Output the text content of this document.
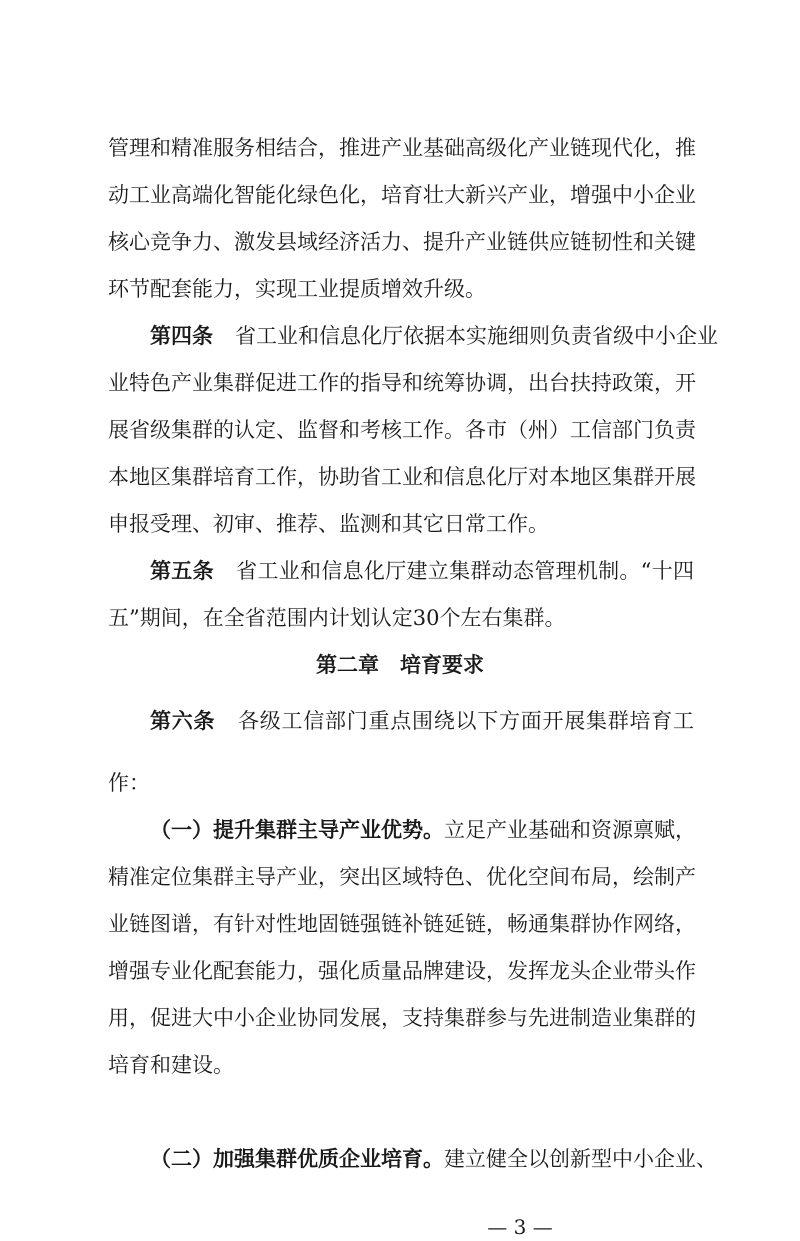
管理和精准服务相结合，推进产业基础高级化产业链现代化，推
动工业高端化智能化绿色化，培育壮大新兴产业，增强中小企业
核心竞争力、激发县域经济活力、提升产业链供应链韧性和关键
环节配套能力，实现工业提质增效升级。
第四条 省工业和信息化厅依据本实施细则负责省级中小企业
业特色产业集群促进工作的指导和统筹协调，出台扶持政策，开
展省级集群的认定、监督和考核工作。各市（州）工信部门负责
本地区集群培育工作，协助省工业和信息化厅对本地区集群开展
申报受理、初审、推荐、监测和其它日常工作。
第五条 省工业和信息化厅建立集群动态管理机制。“十四
五”期间，在全省范围内计划认定30个左右集群。
第二章　培育要求
第六条 各级工信部门重点围绕以下方面开展集群培育工
作：
（一）提升集群主导产业优势。立足产业基础和资源禀赋，
精准定位集群主导产业，突出区域特色、优化空间布局，绘制产
业链图谱，有针对性地固链强链补链延链，畅通集群协作网络，
增强专业化配套能力，强化质量品牌建设，发挥龙头企业带头作
用，促进大中小企业协同发展，支持集群参与先进制造业集群的
培育和建设。
（二）加强集群优质企业培育。建立健全以创新型中小企业、
— 3 —
